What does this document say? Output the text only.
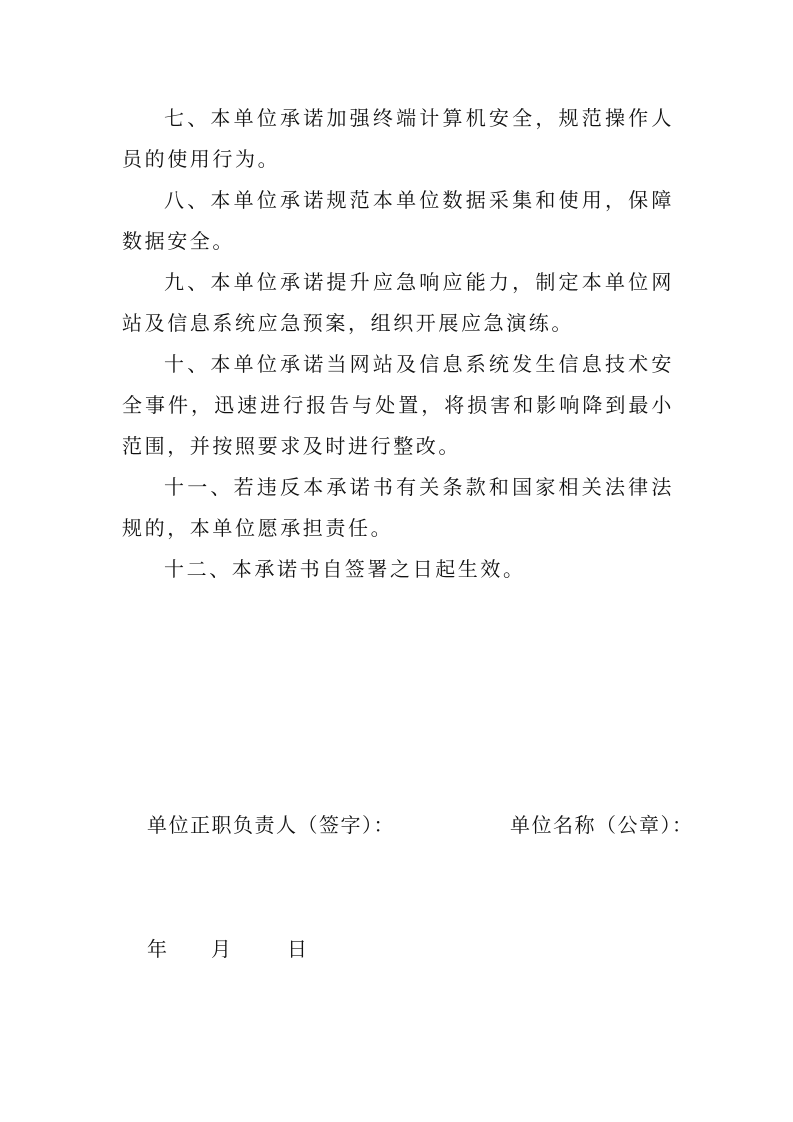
七、本单位承诺加强终端计算机安全，规范操作人员的使用行为。

八、本单位承诺规范本单位数据采集和使用，保障数据安全。

九、本单位承诺提升应急响应能力，制定本单位网站及信息系统应急预案，组织开展应急演练。

十、本单位承诺当网站及信息系统发生信息技术安全事件，迅速进行报告与处置，将损害和影响降到最小范围，并按照要求及时进行整改。

十一、若违反本承诺书有关条款和国家相关法律法规的，本单位愿承担责任。

十二、本承诺书自签署之日起生效。

单位正职负责人（签字）：	单位名称（公章）：
年 月	日
